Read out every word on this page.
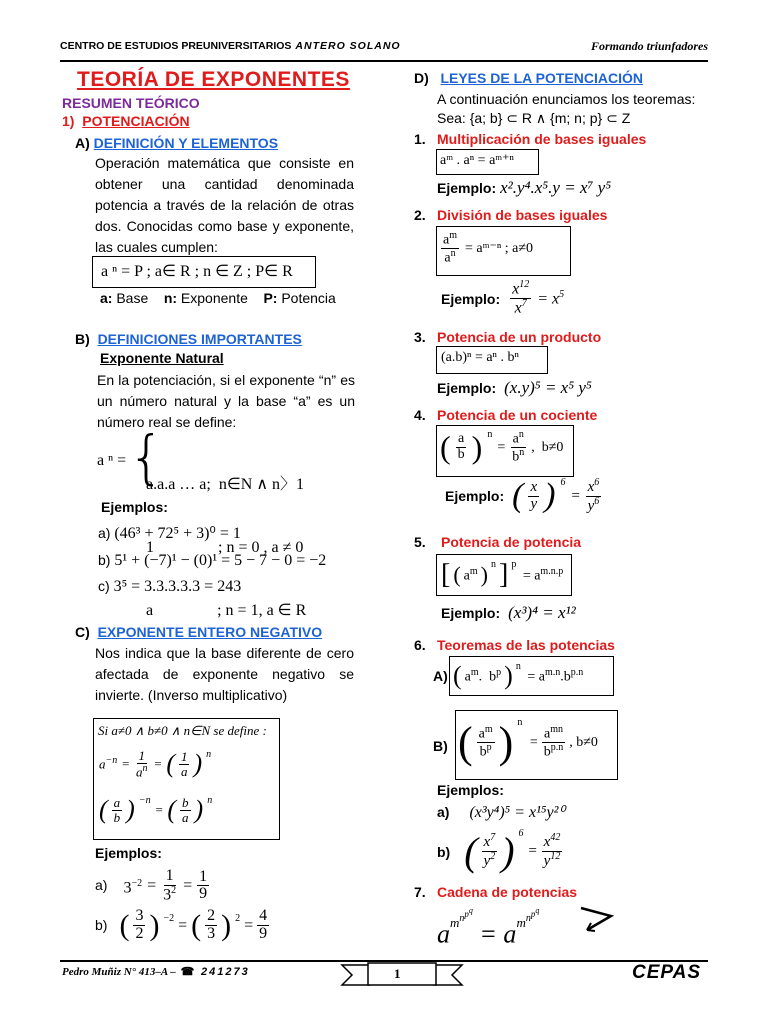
CENTRO DE ESTUDIOS PREUNIVERSITARIOS ANTERO SOLANO	Formando triunfadores
TEORÍA DE EXPONENTES
RESUMEN TEÓRICO
1) POTENCIACIÓN
A) DEFINICIÓN Y ELEMENTOS
Operación matemática que consiste en obtener una cantidad denominada potencia a través de la relación de otras dos. Conocidas como base y exponente, las cuales cumplen:
a ⁿ = P ; a∈ R ; n ∈ Z ; P∈ R
a: Base n: Exponente P: Potencia
B) DEFINICIONES IMPORTANTES
Exponente Natural
En la potenciación, si el exponente “n” es un número natural y la base “a” es un número real se define:
a ⁿ = {

a.a.a … a;  n∈N ∧ n〉1

1                ; n = 0 , a ≠ 0

a                ; n = 1, a ∈ R

Ejemplos:
a) (46³ + 72⁵ + 3)⁰ = 1
b) 5¹ + (−7)¹ − (0)¹ = 5 − 7 − 0 = −2
c) 3⁵ = 3.3.3.3.3 = 243
C) EXPONENTE ENTERO NEGATIVO
Nos indica que la base diferente de cero afectada de exponente negativo se invierte. (Inverso multiplicativo)
Si a≠0 ∧ b≠0 ∧ n∈N se define :
$a^{-n} = \frac{1}{a^n}$ = ( $\frac{1}{a}$ ) $^n$
( $\frac{a}{b}$ ) $^{-n}$
= ( $\frac{b}{a}$ ) $^n$
Ejemplos:
a) $3^{-2} = \frac{1}{3^2} = \frac{1}{9}$
b) ( $\frac{3}{2}$ ) $^{-2}$ = ( $\frac{2}{3}$ ) $^2 = \frac{4}{9}$
D) LEYES DE LA POTENCIACIÓN
A continuación enunciamos los teoremas:
Sea: {a; b} ⊂ R ∧ {m; n; p} ⊂ Z
1. Multiplicación de bases iguales
aᵐ . aⁿ = aᵐ⁺ⁿ
Ejemplo: x².y⁴.x⁵.y = x⁷ y⁵
2. División de bases iguales
$\frac{a^m}{a^n}$ = aᵐ⁻ⁿ ; a≠0
Ejemplo: $\frac{x^{12}}{x^7} = x^5$
3. Potencia de un producto
(a.b)ⁿ = aⁿ . bⁿ
Ejemplo: (x.y)⁵ = x⁵ y⁵
4. Potencia de un cociente
( $\frac{a}{b}$ ) $^n$
= $\frac{a^n}{b^n}$ ,  b≠0
Ejemplo: ( $\frac{x}{y}$ ) $^6$
= $\frac{x^6}{y^6}$
5. Potencia de potencia
[ ( $a^m$ ) $^n$ ] $^p$
= $a^{m.n.p}$
Ejemplo: (x³)⁴ = x¹²
6. Teoremas de las potencias
A) ( $a^m$.  $b^p$ ) $^n$
= $a^{m.n}.b^{p.n}$
B) ( $\frac{a^m}{b^p}$ ) $^n$
= $\frac{a^{mn}}{b^{p.n}}$ , b≠0
Ejemplos:
a) (x³y⁴)⁵ = x¹⁵y²⁰
b) ( $\frac{x^7}{y^2}$ ) $^6$
= $\frac{x^{42}}{y^{12}}$
7. Cadena de potencias
$a^{m^{n^{p^q}}} = a^{m^{n^{p^q}}}$
Pedro Muñiz N° 413–A – ☎ 241273	1	CEPAS
